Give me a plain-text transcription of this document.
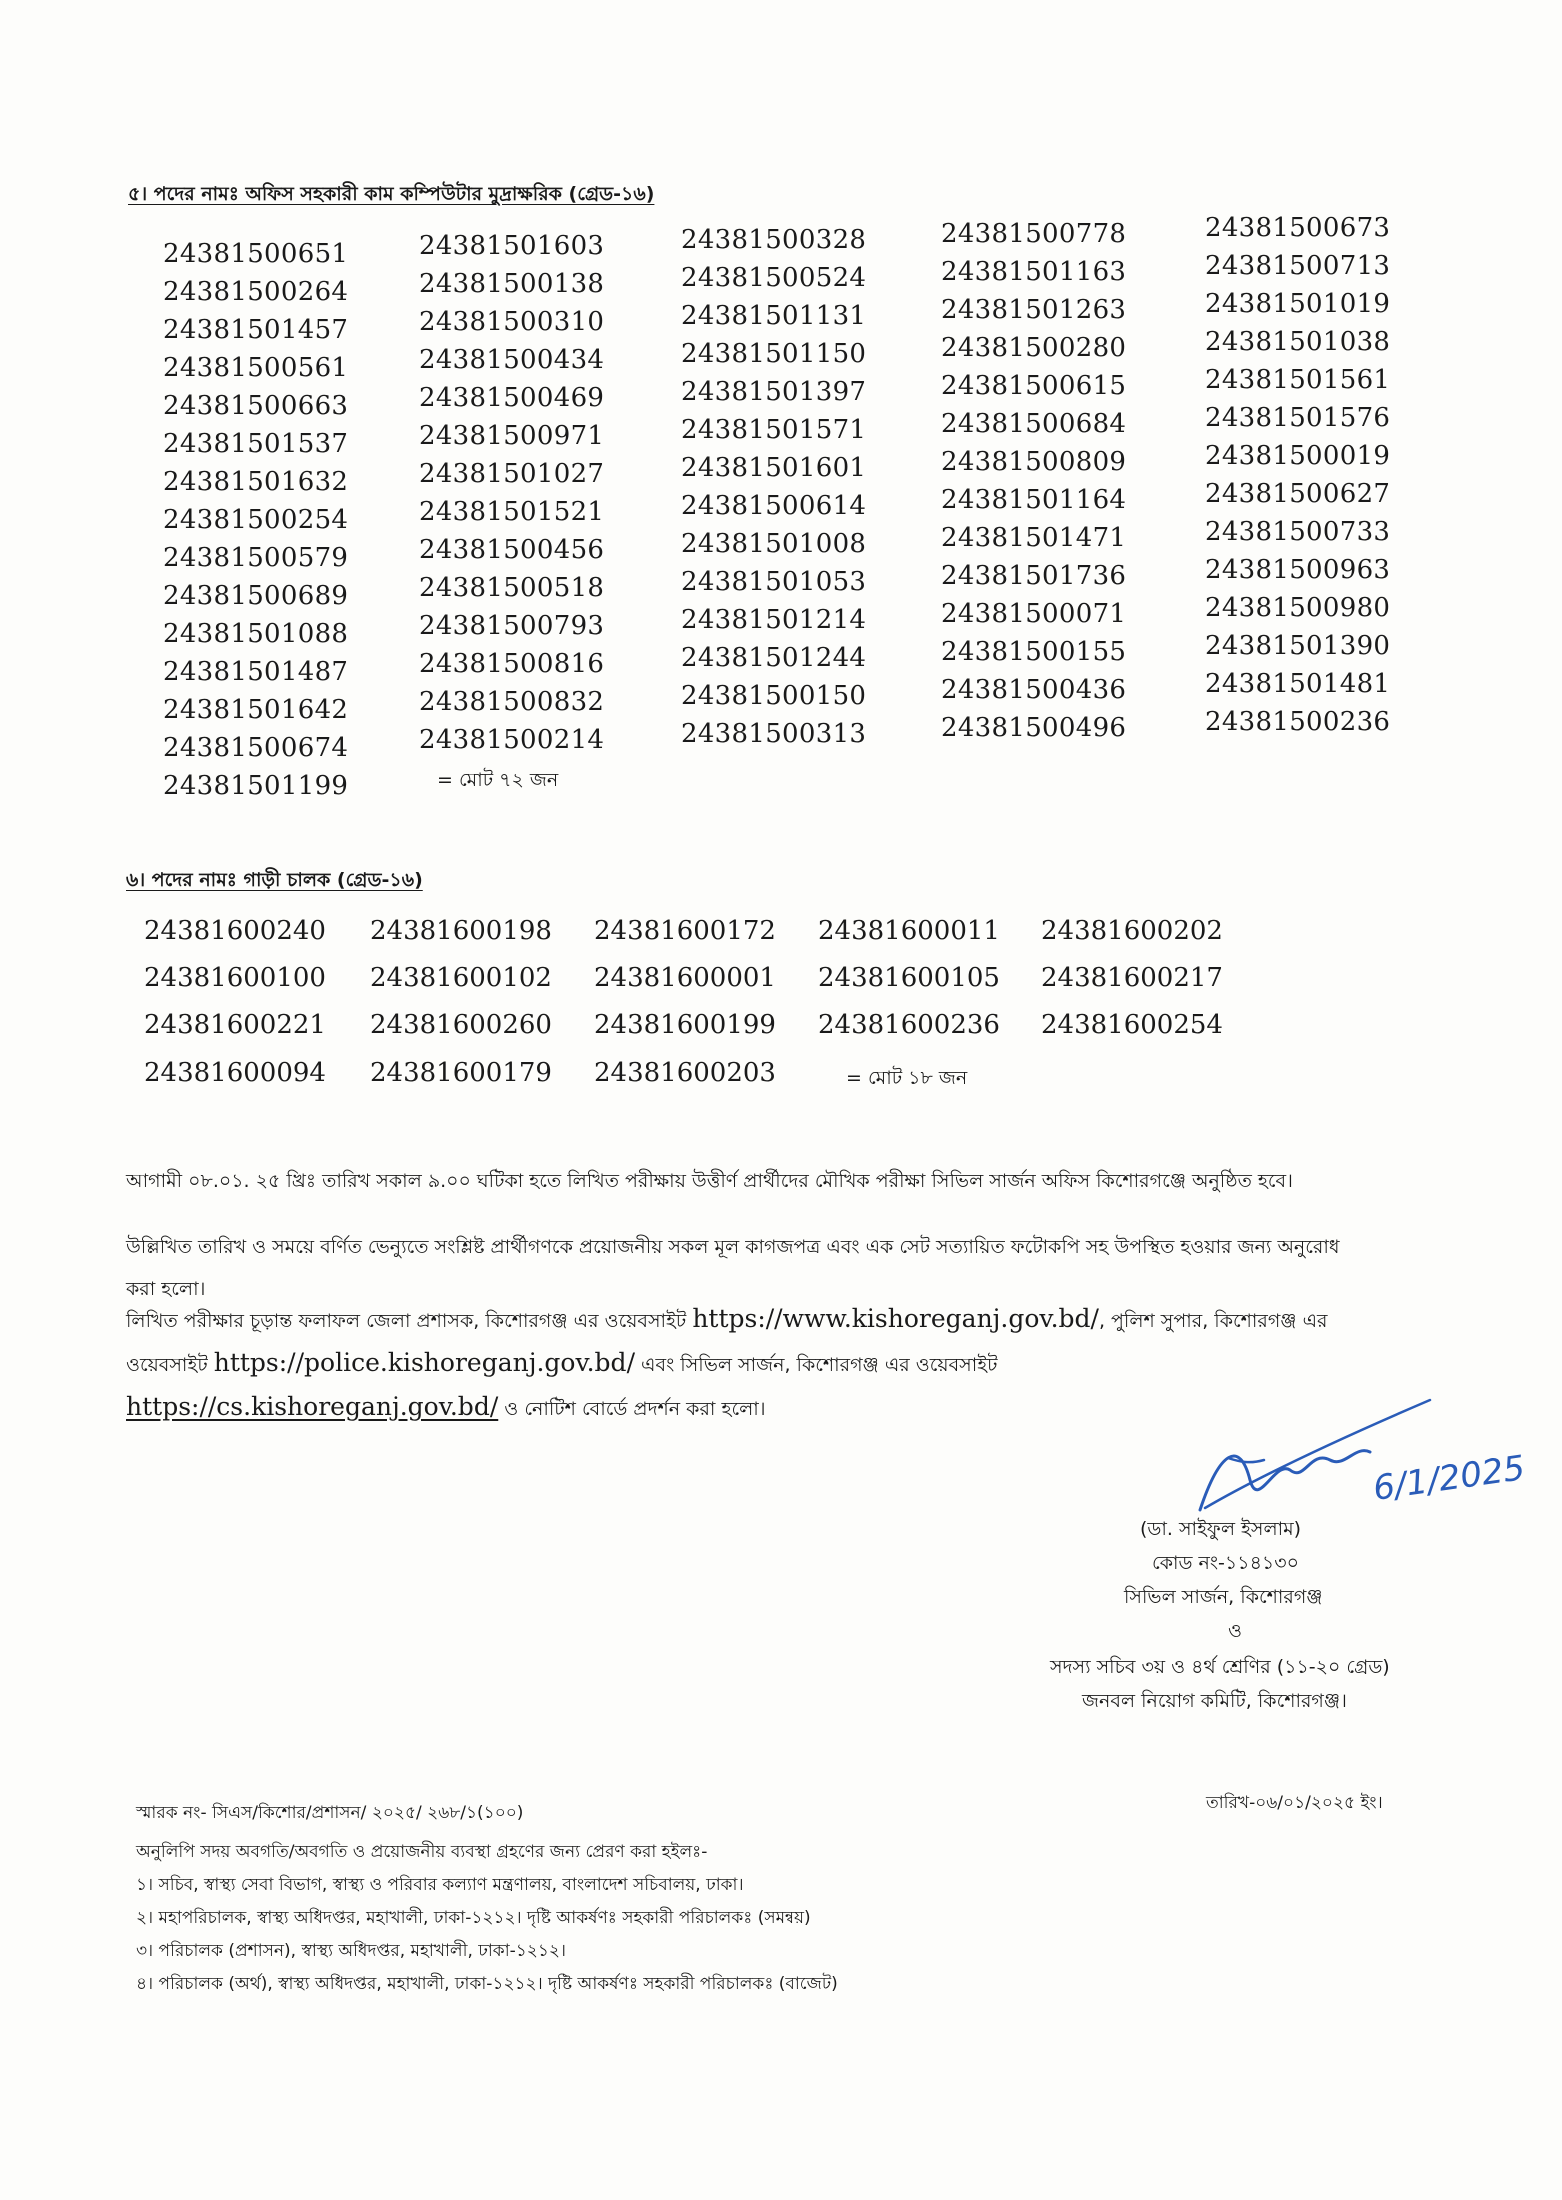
৫। পদের নামঃ অফিস সহকারী কাম কম্পিউটার মুদ্রাক্ষরিক (গ্রেড-১৬)
24381500651
24381500264
24381501457
24381500561
24381500663
24381501537
24381501632
24381500254
24381500579
24381500689
24381501088
24381501487
24381501642
24381500674
24381501199
24381501603
24381500138
24381500310
24381500434
24381500469
24381500971
24381501027
24381501521
24381500456
24381500518
24381500793
24381500816
24381500832
24381500214
24381500328
24381500524
24381501131
24381501150
24381501397
24381501571
24381501601
24381500614
24381501008
24381501053
24381501214
24381501244
24381500150
24381500313
24381500778
24381501163
24381501263
24381500280
24381500615
24381500684
24381500809
24381501164
24381501471
24381501736
24381500071
24381500155
24381500436
24381500496
24381500673
24381500713
24381501019
24381501038
24381501561
24381501576
24381500019
24381500627
24381500733
24381500963
24381500980
24381501390
24381501481
24381500236
= মোট ৭২ জন
৬। পদের নামঃ গাড়ী চালক (গ্রেড-১৬)
24381600240 24381600198 24381600172 24381600011 24381600202
24381600100 24381600102 24381600001 24381600105 24381600217
24381600221 24381600260 24381600199 24381600236 24381600254
24381600094 24381600179 24381600203	= মোট ১৮ জন
আগামী ০৮.০১. ২৫ খ্রিঃ তারিখ সকাল ৯.০০ ঘটিকা হতে লিখিত পরীক্ষায় উত্তীর্ণ প্রার্থীদের মৌখিক পরীক্ষা সিভিল সার্জন অফিস কিশোরগঞ্জে অনুষ্ঠিত হবে।
উল্লিখিত তারিখ ও সময়ে বর্ণিত ভেন্যুতে সংশ্লিষ্ট প্রার্থীগণকে প্রয়োজনীয় সকল মূল কাগজপত্র এবং এক সেট সত্যায়িত ফটোকপি সহ উপস্থিত হওয়ার জন্য অনুরোধ
করা হলো।
লিখিত পরীক্ষার চূড়ান্ত ফলাফল জেলা প্রশাসক, কিশোরগঞ্জ এর ওয়েবসাইট https://www.kishoreganj.gov.bd/, পুলিশ সুপার, কিশোরগঞ্জ এর
ওয়েবসাইট https://police.kishoreganj.gov.bd/ এবং সিভিল সার্জন, কিশোরগঞ্জ এর ওয়েবসাইট
https://cs.kishoreganj.gov.bd/ ও নোটিশ বোর্ডে প্রদর্শন করা হলো।
6/1/2025
(ডা. সাইফুল ইসলাম)
কোড নং-১১৪১৩০
সিভিল সার্জন, কিশোরগঞ্জ
ও
সদস্য সচিব ৩য় ও ৪র্থ শ্রেণির (১১-২০ গ্রেড)
জনবল নিয়োগ কমিটি, কিশোরগঞ্জ।
স্মারক নং- সিএস/কিশোর/প্রশাসন/ ২০২৫/ ২৬৮/১(১০০)	তারিখ-০৬/০১/২০২৫ ইং।
অনুলিপি সদয় অবগতি/অবগতি ও প্রয়োজনীয় ব্যবস্থা গ্রহণের জন্য প্রেরণ করা হইলঃ-
১। সচিব, স্বাস্থ্য সেবা বিভাগ, স্বাস্থ্য ও পরিবার কল্যাণ মন্ত্রণালয়, বাংলাদেশ সচিবালয়, ঢাকা।
২। মহাপরিচালক, স্বাস্থ্য অধিদপ্তর, মহাখালী, ঢাকা-১২১২। দৃষ্টি আকর্ষণঃ সহকারী পরিচালকঃ (সমন্বয়)
৩। পরিচালক (প্রশাসন), স্বাস্থ্য অধিদপ্তর, মহাখালী, ঢাকা-১২১২।
৪। পরিচালক (অর্থ), স্বাস্থ্য অধিদপ্তর, মহাখালী, ঢাকা-১২১২। দৃষ্টি আকর্ষণঃ সহকারী পরিচালকঃ (বাজেট)
